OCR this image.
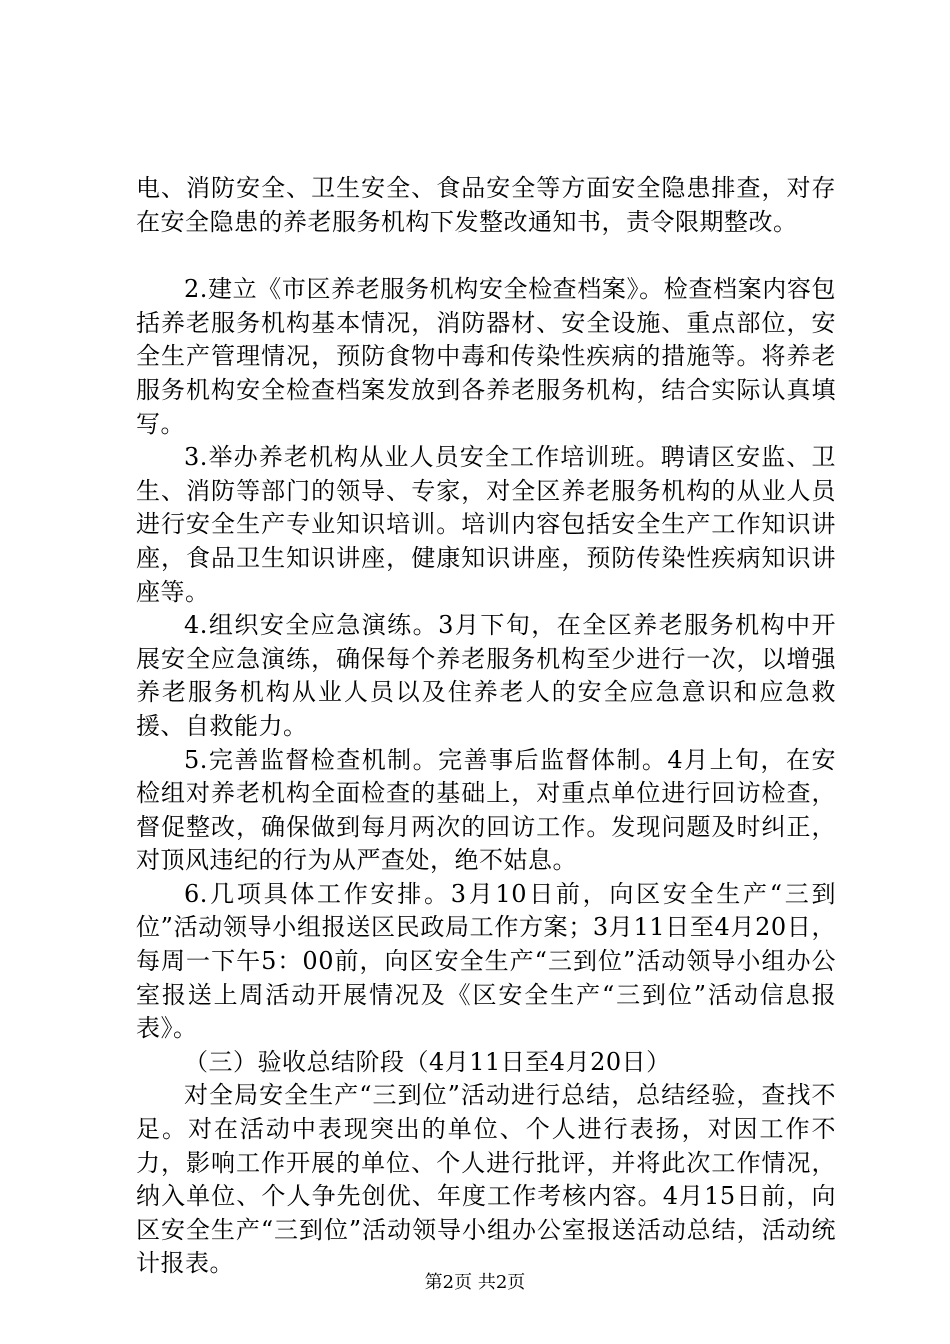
电、消防安全、卫生安全、食品安全等方面安全隐患排查，对存在安全隐患的养老服务机构下发整改通知书，责令限期整改。

2.建立《市区养老服务机构安全检查档案》。检查档案内容包括养老服务机构基本情况，消防器材、安全设施、重点部位，安全生产管理情况，预防食物中毒和传染性疾病的措施等。将养老服务机构安全检查档案发放到各养老服务机构，结合实际认真填写。

3.举办养老机构从业人员安全工作培训班。聘请区安监、卫生、消防等部门的领导、专家，对全区养老服务机构的从业人员进行安全生产专业知识培训。培训内容包括安全生产工作知识讲座，食品卫生知识讲座，健康知识讲座，预防传染性疾病知识讲座等。

4.组织安全应急演练。3月下旬，在全区养老服务机构中开展安全应急演练，确保每个养老服务机构至少进行一次，以增强养老服务机构从业人员以及住养老人的安全应急意识和应急救援、自救能力。

5.完善监督检查机制。完善事后监督体制。4月上旬，在安检组对养老机构全面检查的基础上，对重点单位进行回访检查，督促整改，确保做到每月两次的回访工作。发现问题及时纠正，对顶风违纪的行为从严查处，绝不姑息。

6.几项具体工作安排。3月10日前，向区安全生产“三到位”活动领导小组报送区民政局工作方案；3月11日至4月20日，每周一下午5：00前，向区安全生产“三到位”活动领导小组办公室报送上周活动开展情况及《区安全生产“三到位”活动信息报表》。

（三）验收总结阶段（4月11日至4月20日）

对全局安全生产“三到位”活动进行总结，总结经验，查找不足。对在活动中表现突出的单位、个人进行表扬，对因工作不力，影响工作开展的单位、个人进行批评，并将此次工作情况，纳入单位、个人争先创优、年度工作考核内容。4月15日前，向区安全生产“三到位”活动领导小组办公室报送活动总结，活动统计报表。

第2页 共2页
